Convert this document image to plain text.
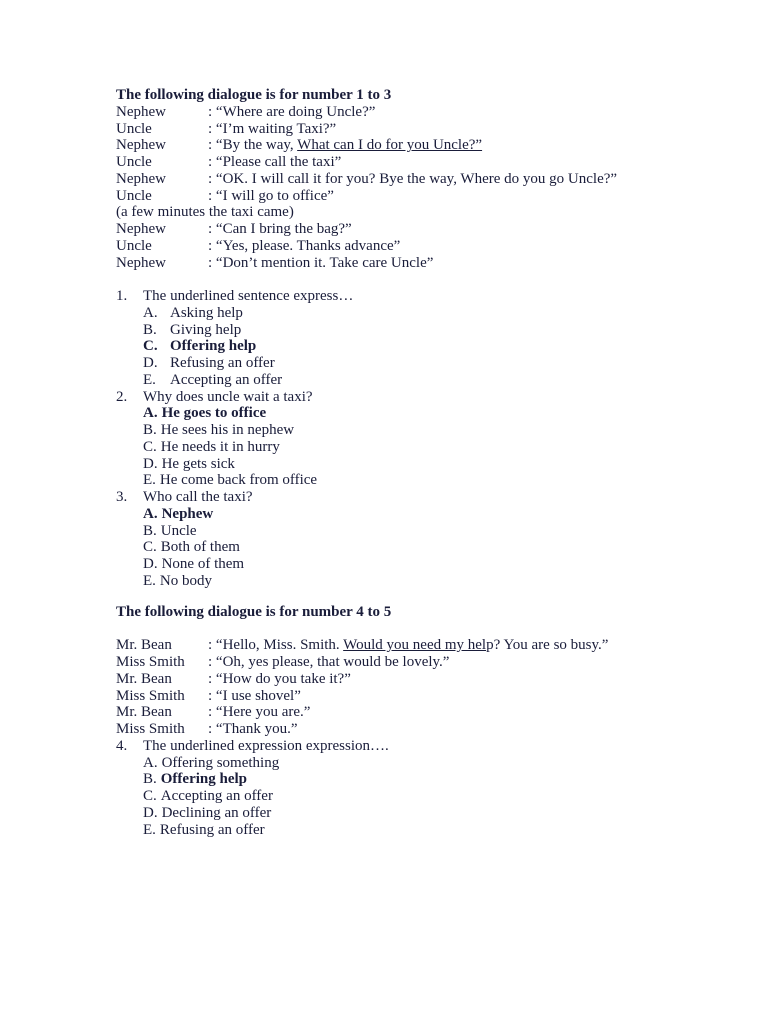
The following dialogue is for number 1 to 3
Nephew	: “Where are doing Uncle?”
Uncle	: “I’m waiting Taxi?”
Nephew	: “By the way, What can I do for you Uncle?”
Uncle	: “Please call the taxi”
Nephew	: “OK. I will call it for you? Bye the way, Where do you go Uncle?”
Uncle	: “I will go to office”
(a few minutes the taxi came)
Nephew	: “Can I bring the bag?”
Uncle	: “Yes, please. Thanks advance”
Nephew	: “Don’t mention it. Take care Uncle”
1. The underlined sentence express…
A. Asking help
B. Giving help
C. Offering help
D. Refusing an offer
E. Accepting an offer
2. Why does uncle wait a taxi?
A. He goes to office
B. He sees his in nephew
C. He needs it in hurry
D. He gets sick
E. He come back from office
3. Who call the taxi?
A. Nephew
B. Uncle
C. Both of them
D. None of them
E. No body
The following dialogue is for number 4 to 5
Mr. Bean : “Hello, Miss. Smith. Would you need my help? You are so busy.”
Miss Smith : “Oh, yes please, that would be lovely.”
Mr. Bean : “How do you take it?”
Miss Smith : “I use shovel”
Mr. Bean : “Here you are.”
Miss Smith : “Thank you.”
4. The underlined expression expression….
A. Offering something
B. Offering help
C. Accepting an offer
D. Declining an offer
E. Refusing an offer
